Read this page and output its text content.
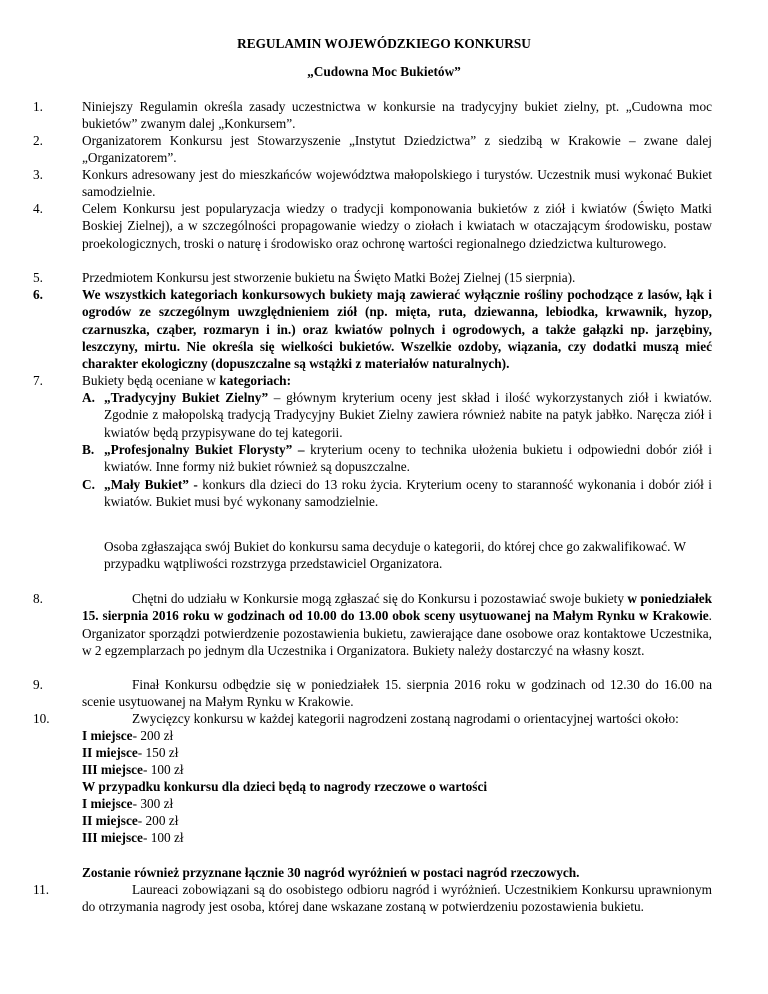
REGULAMIN WOJEWÓDZKIEGO KONKURSU
„Cudowna Moc Bukietów”
1.	Niniejszy Regulamin określa zasady uczestnictwa w konkursie na tradycyjny bukiet zielny, pt. „Cudowna moc bukietów” zwanym dalej „Konkursem”.
2.	Organizatorem Konkursu jest Stowarzyszenie „Instytut Dziedzictwa” z siedzibą w Krakowie – zwane dalej „Organizatorem”.
3.	Konkurs adresowany jest do mieszkańców województwa małopolskiego i turystów. Uczestnik musi wykonać Bukiet samodzielnie.
4.	Celem Konkursu jest popularyzacja wiedzy o tradycji komponowania bukietów z ziół i kwiatów (Święto Matki Boskiej Zielnej), a w szczególności propagowanie wiedzy o ziołach i kwiatach w otaczającym środowisku, postaw proekologicznych, troski o naturę i środowisko oraz ochronę wartości regionalnego dziedzictwa kulturowego.
5.	Przedmiotem Konkursu jest stworzenie bukietu na Święto Matki Bożej Zielnej (15 sierpnia).
6.	We wszystkich kategoriach konkursowych bukiety mają zawierać wyłącznie rośliny pochodzące z lasów, łąk i ogrodów ze szczególnym uwzględnieniem ziół (np. mięta, ruta, dziewanna, lebiodka, krwawnik, hyzop, czarnuszka, cząber, rozmaryn i in.) oraz kwiatów polnych i ogrodowych, a także gałązki np. jarzębiny, leszczyny, mirtu. Nie określa się wielkości bukietów. Wszelkie ozdoby, wiązania, czy dodatki muszą mieć charakter ekologiczny (dopuszczalne są wstążki z materiałów naturalnych).
7.	Bukiety będą oceniane w kategoriach:
A. „Tradycyjny Bukiet Zielny” – głównym kryterium oceny jest skład i ilość wykorzystanych ziół i kwiatów. Zgodnie z małopolską tradycją Tradycyjny Bukiet Zielny zawiera również nabite na patyk jabłko. Naręcza ziół i kwiatów będą przypisywane do tej kategorii.
B. „Profesjonalny Bukiet Florysty” – kryterium oceny to technika ułożenia bukietu i odpowiedni dobór ziół i kwiatów. Inne formy niż bukiet również są dopuszczalne.
C. „Mały Bukiet” - konkurs dla dzieci do 13 roku życia. Kryterium oceny to staranność wykonania i dobór ziół i kwiatów. Bukiet musi być wykonany samodzielnie.
Osoba zgłaszająca swój Bukiet do konkursu sama decyduje o kategorii, do której chce go zakwalifikować. W przypadku wątpliwości rozstrzyga przedstawiciel Organizatora.
8.	Chętni do udziału w Konkursie mogą zgłaszać się do Konkursu i pozostawiać swoje bukiety w poniedziałek 15. sierpnia 2016 roku w godzinach od 10.00 do 13.00 obok sceny usytuowanej na Małym Rynku w Krakowie. Organizator sporządzi potwierdzenie pozostawienia bukietu, zawierające dane osobowe oraz kontaktowe Uczestnika, w 2 egzemplarzach po jednym dla Uczestnika i Organizatora. Bukiety należy dostarczyć na własny koszt.
9.	Finał Konkursu odbędzie się w poniedziałek 15. sierpnia 2016 roku w godzinach od 12.30 do 16.00 na scenie usytuowanej na Małym Rynku w Krakowie.
10.	Zwycięzcy konkursu w każdej kategorii nagrodzeni zostaną nagrodami o orientacyjnej wartości około:
I miejsce- 200 zł
II miejsce- 150 zł
III miejsce- 100 zł
W przypadku konkursu dla dzieci będą to nagrody rzeczowe o wartości
I miejsce- 300 zł
II miejsce- 200 zł
III miejsce- 100 zł
Zostanie również przyznane łącznie 30 nagród wyróżnień w postaci nagród rzeczowych.
11.	Laureaci zobowiązani są do osobistego odbioru nagród i wyróżnień. Uczestnikiem Konkursu uprawnionym do otrzymania nagrody jest osoba, której dane wskazane zostaną w potwierdzeniu pozostawienia bukietu.
